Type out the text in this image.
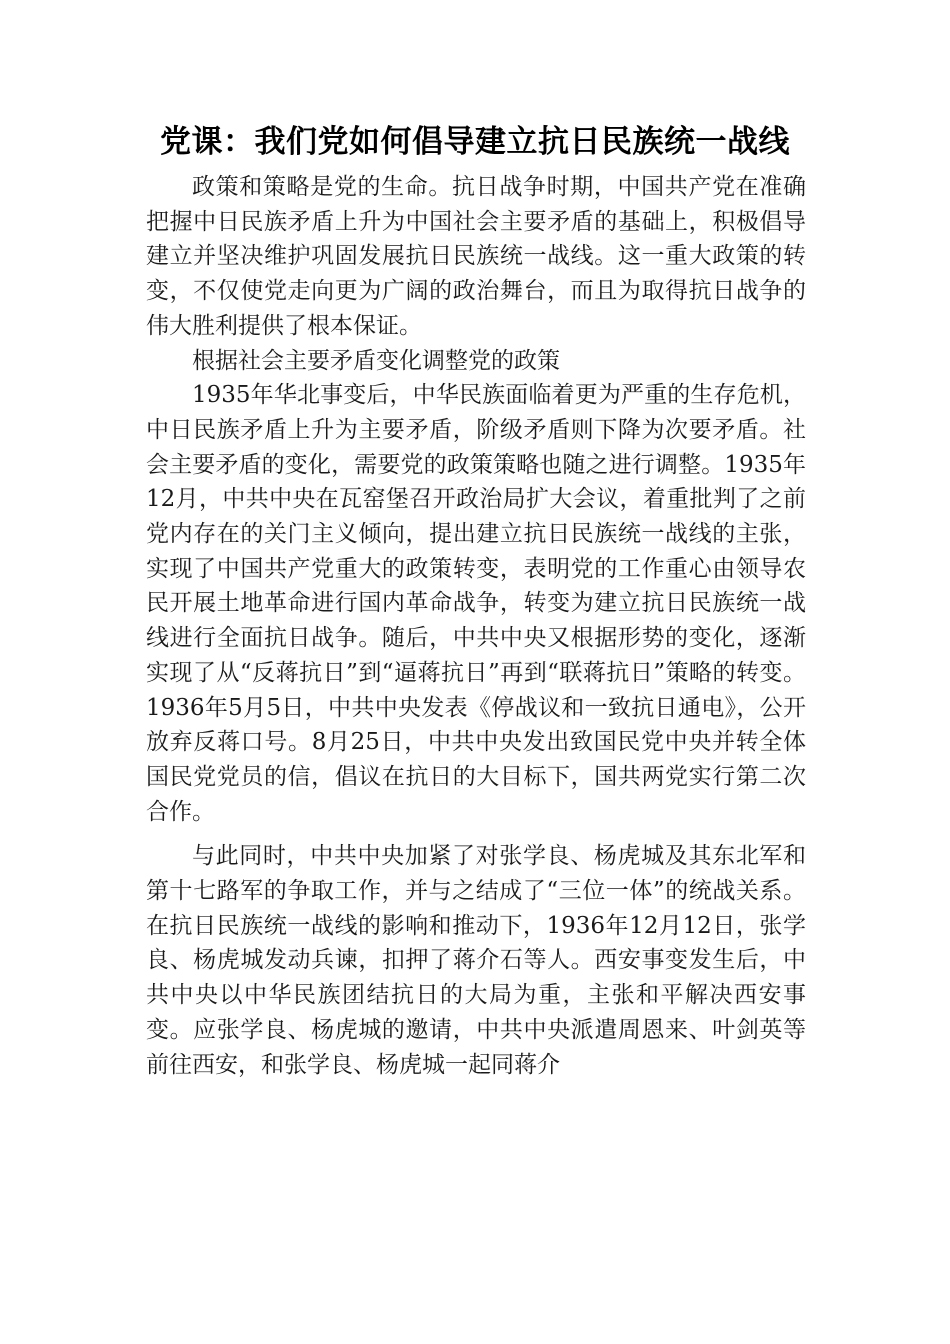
党课：我们党如何倡导建立抗日民族统一战线

政策和策略是党的生命。抗日战争时期，中国共产党在准确把握中日民族矛盾上升为中国社会主要矛盾的基础上，积极倡导建立并坚决维护巩固发展抗日民族统一战线。这一重大政策的转变，不仅使党走向更为广阔的政治舞台，而且为取得抗日战争的伟大胜利提供了根本保证。

根据社会主要矛盾变化调整党的政策

1935年华北事变后，中华民族面临着更为严重的生存危机，中日民族矛盾上升为主要矛盾，阶级矛盾则下降为次要矛盾。社会主要矛盾的变化，需要党的政策策略也随之进行调整。1935年12月，中共中央在瓦窑堡召开政治局扩大会议，着重批判了之前党内存在的关门主义倾向，提出建立抗日民族统一战线的主张，实现了中国共产党重大的政策转变，表明党的工作重心由领导农民开展土地革命进行国内革命战争，转变为建立抗日民族统一战线进行全面抗日战争。随后，中共中央又根据形势的变化，逐渐实现了从“反蒋抗日”到“逼蒋抗日”再到“联蒋抗日”策略的转变。1936年5月5日，中共中央发表《停战议和一致抗日通电》，公开放弃反蒋口号。8月25日，中共中央发出致国民党中央并转全体国民党党员的信，倡议在抗日的大目标下，国共两党实行第二次合作。

与此同时，中共中央加紧了对张学良、杨虎城及其东北军和第十七路军的争取工作，并与之结成了“三位一体”的统战关系。在抗日民族统一战线的影响和推动下，1936年12月12日，张学良、杨虎城发动兵谏，扣押了蒋介石等人。西安事变发生后，中共中央以中华民族团结抗日的大局为重，主张和平解决西安事变。应张学良、杨虎城的邀请，中共中央派遣周恩来、叶剑英等前往西安，和张学良、杨虎城一起同蒋介
